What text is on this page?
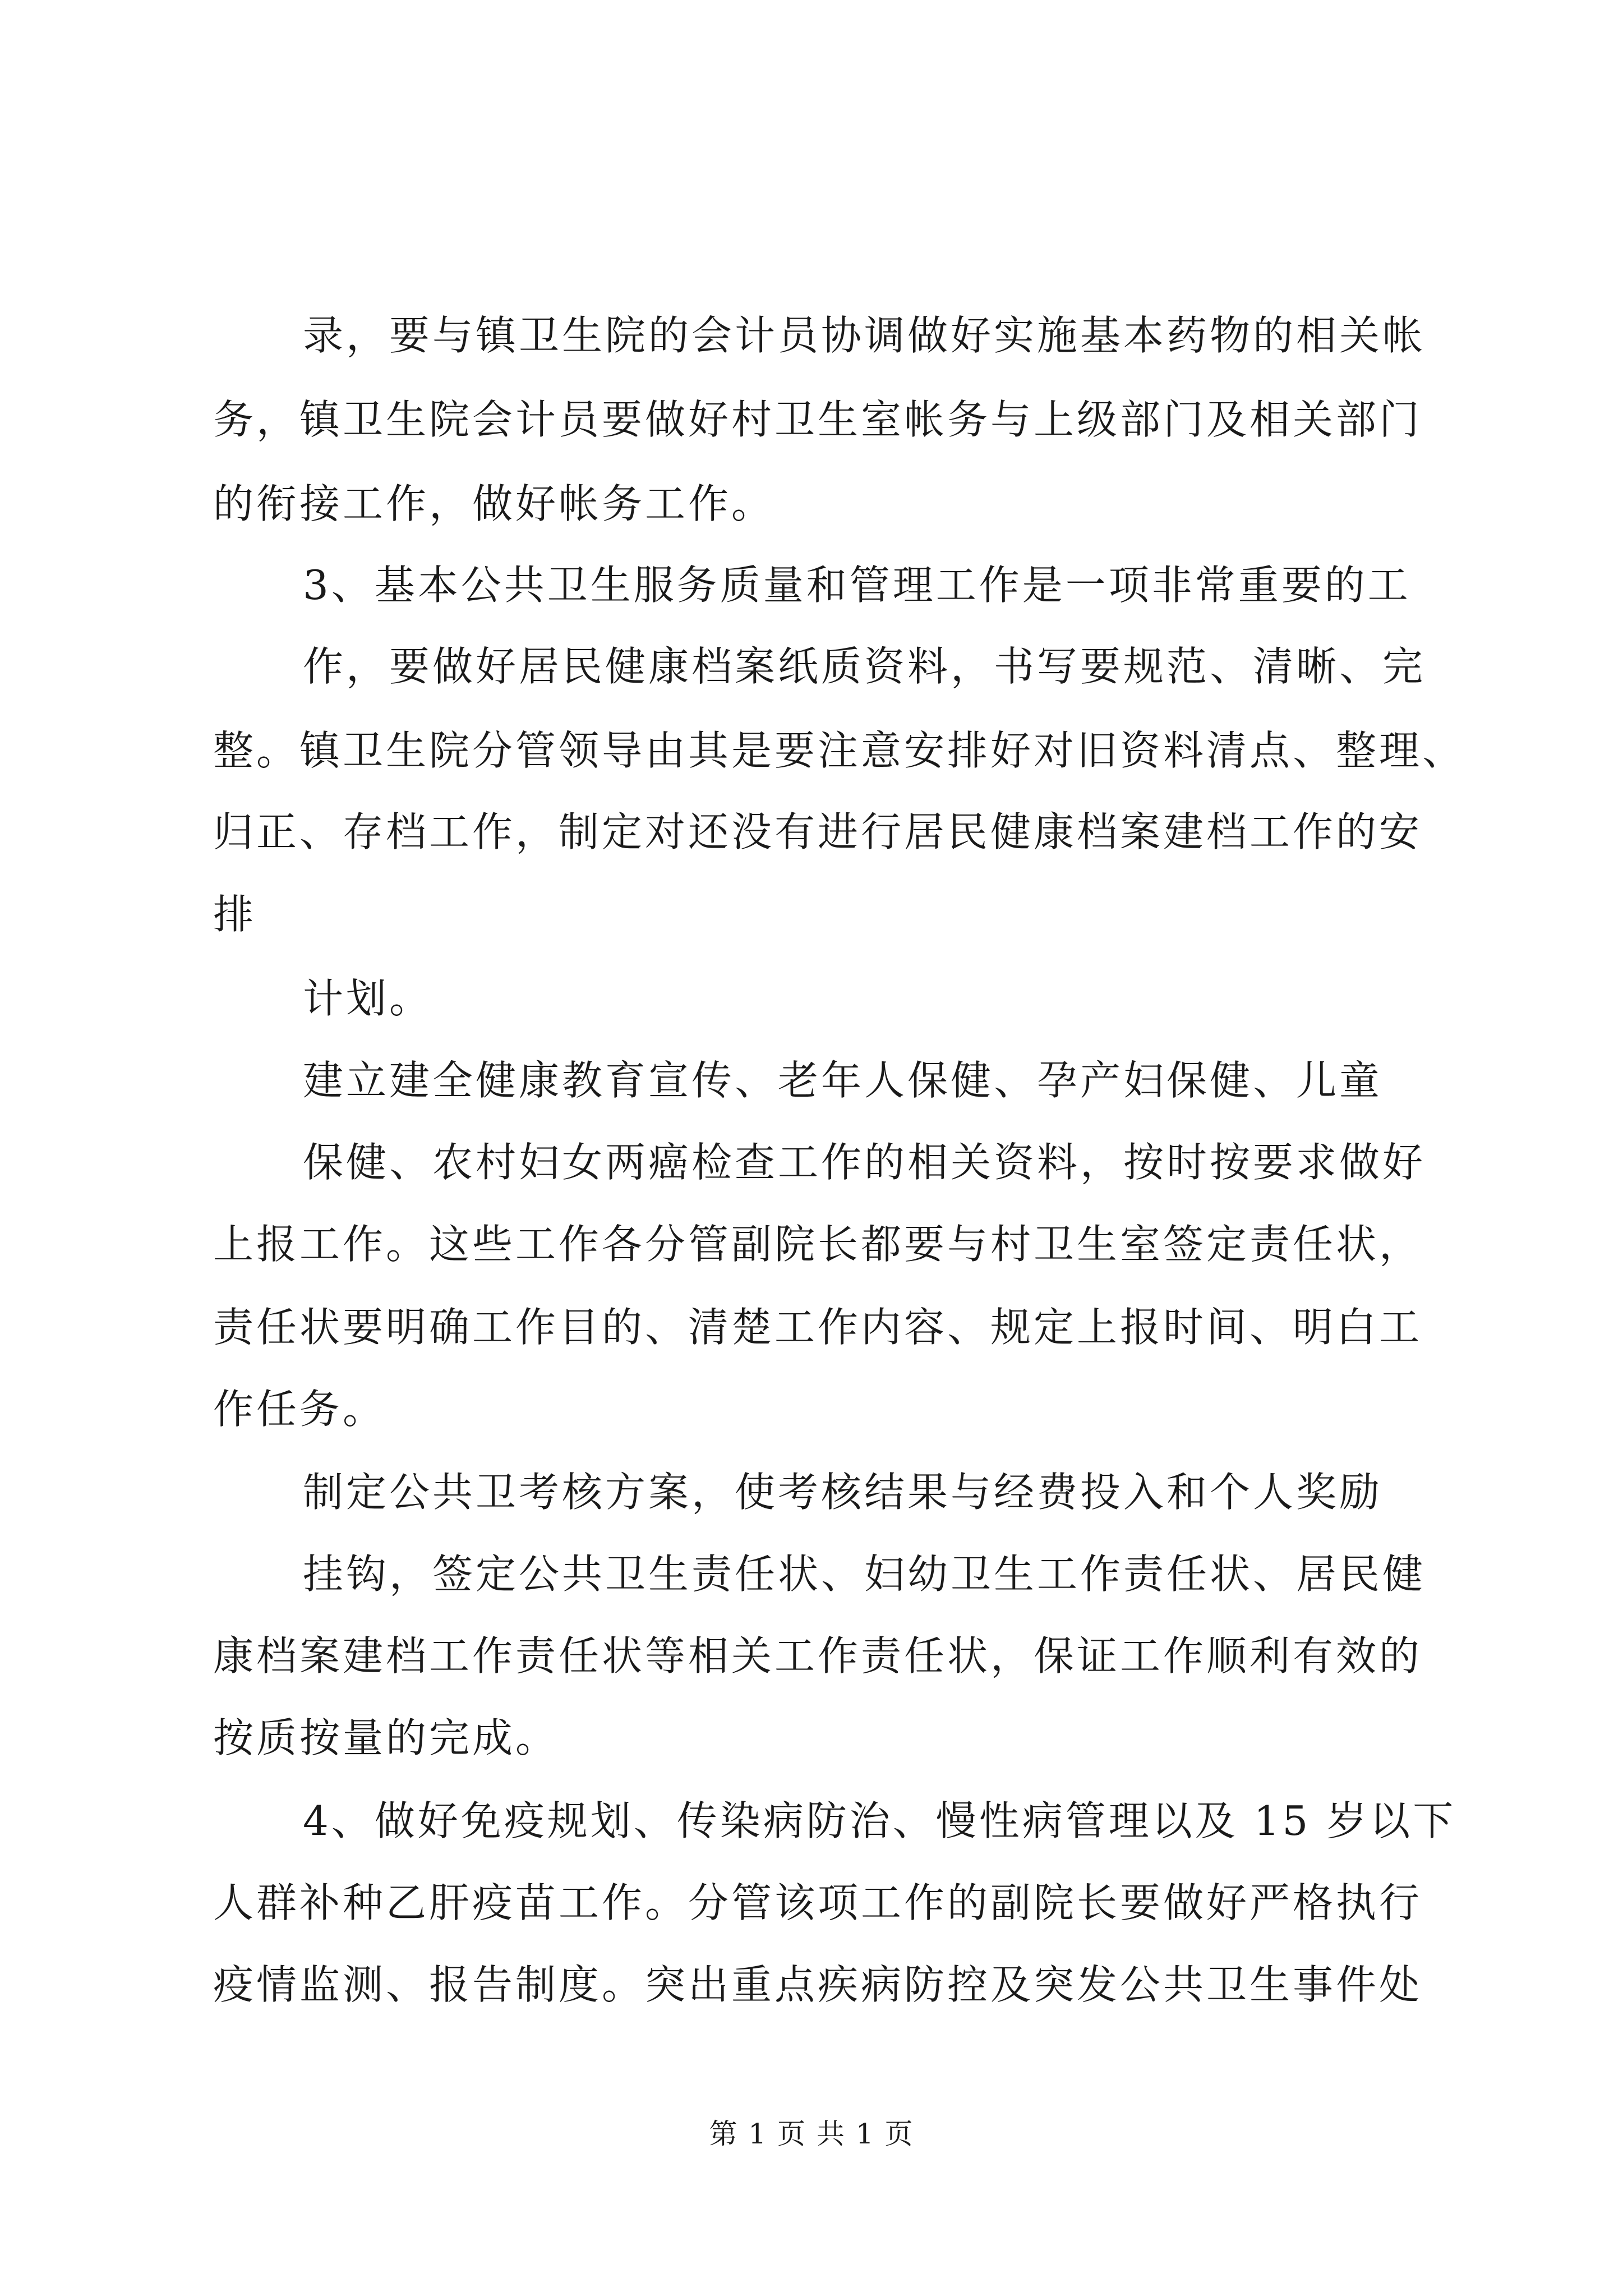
录，要与镇卫生院的会计员协调做好实施基本药物的相关帐
务，镇卫生院会计员要做好村卫生室帐务与上级部门及相关部门
的衔接工作，做好帐务工作。
3、基本公共卫生服务质量和管理工作是一项非常重要的工
作，要做好居民健康档案纸质资料，书写要规范、清晰、完
整。镇卫生院分管领导由其是要注意安排好对旧资料清点、整理、
归正、存档工作，制定对还没有进行居民健康档案建档工作的安
排
计划。
建立建全健康教育宣传、老年人保健、孕产妇保健、儿童
保健、农村妇女两癌检查工作的相关资料，按时按要求做好
上报工作。这些工作各分管副院长都要与村卫生室签定责任状，
责任状要明确工作目的、清楚工作内容、规定上报时间、明白工
作任务。
制定公共卫考核方案，使考核结果与经费投入和个人奖励
挂钩，签定公共卫生责任状、妇幼卫生工作责任状、居民健
康档案建档工作责任状等相关工作责任状，保证工作顺利有效的
按质按量的完成。
4、做好免疫规划、传染病防治、慢性病管理以及 15 岁以下
人群补种乙肝疫苗工作。分管该项工作的副院长要做好严格执行
疫情监测、报告制度。突出重点疾病防控及突发公共卫生事件处
第 1 页 共 1 页
